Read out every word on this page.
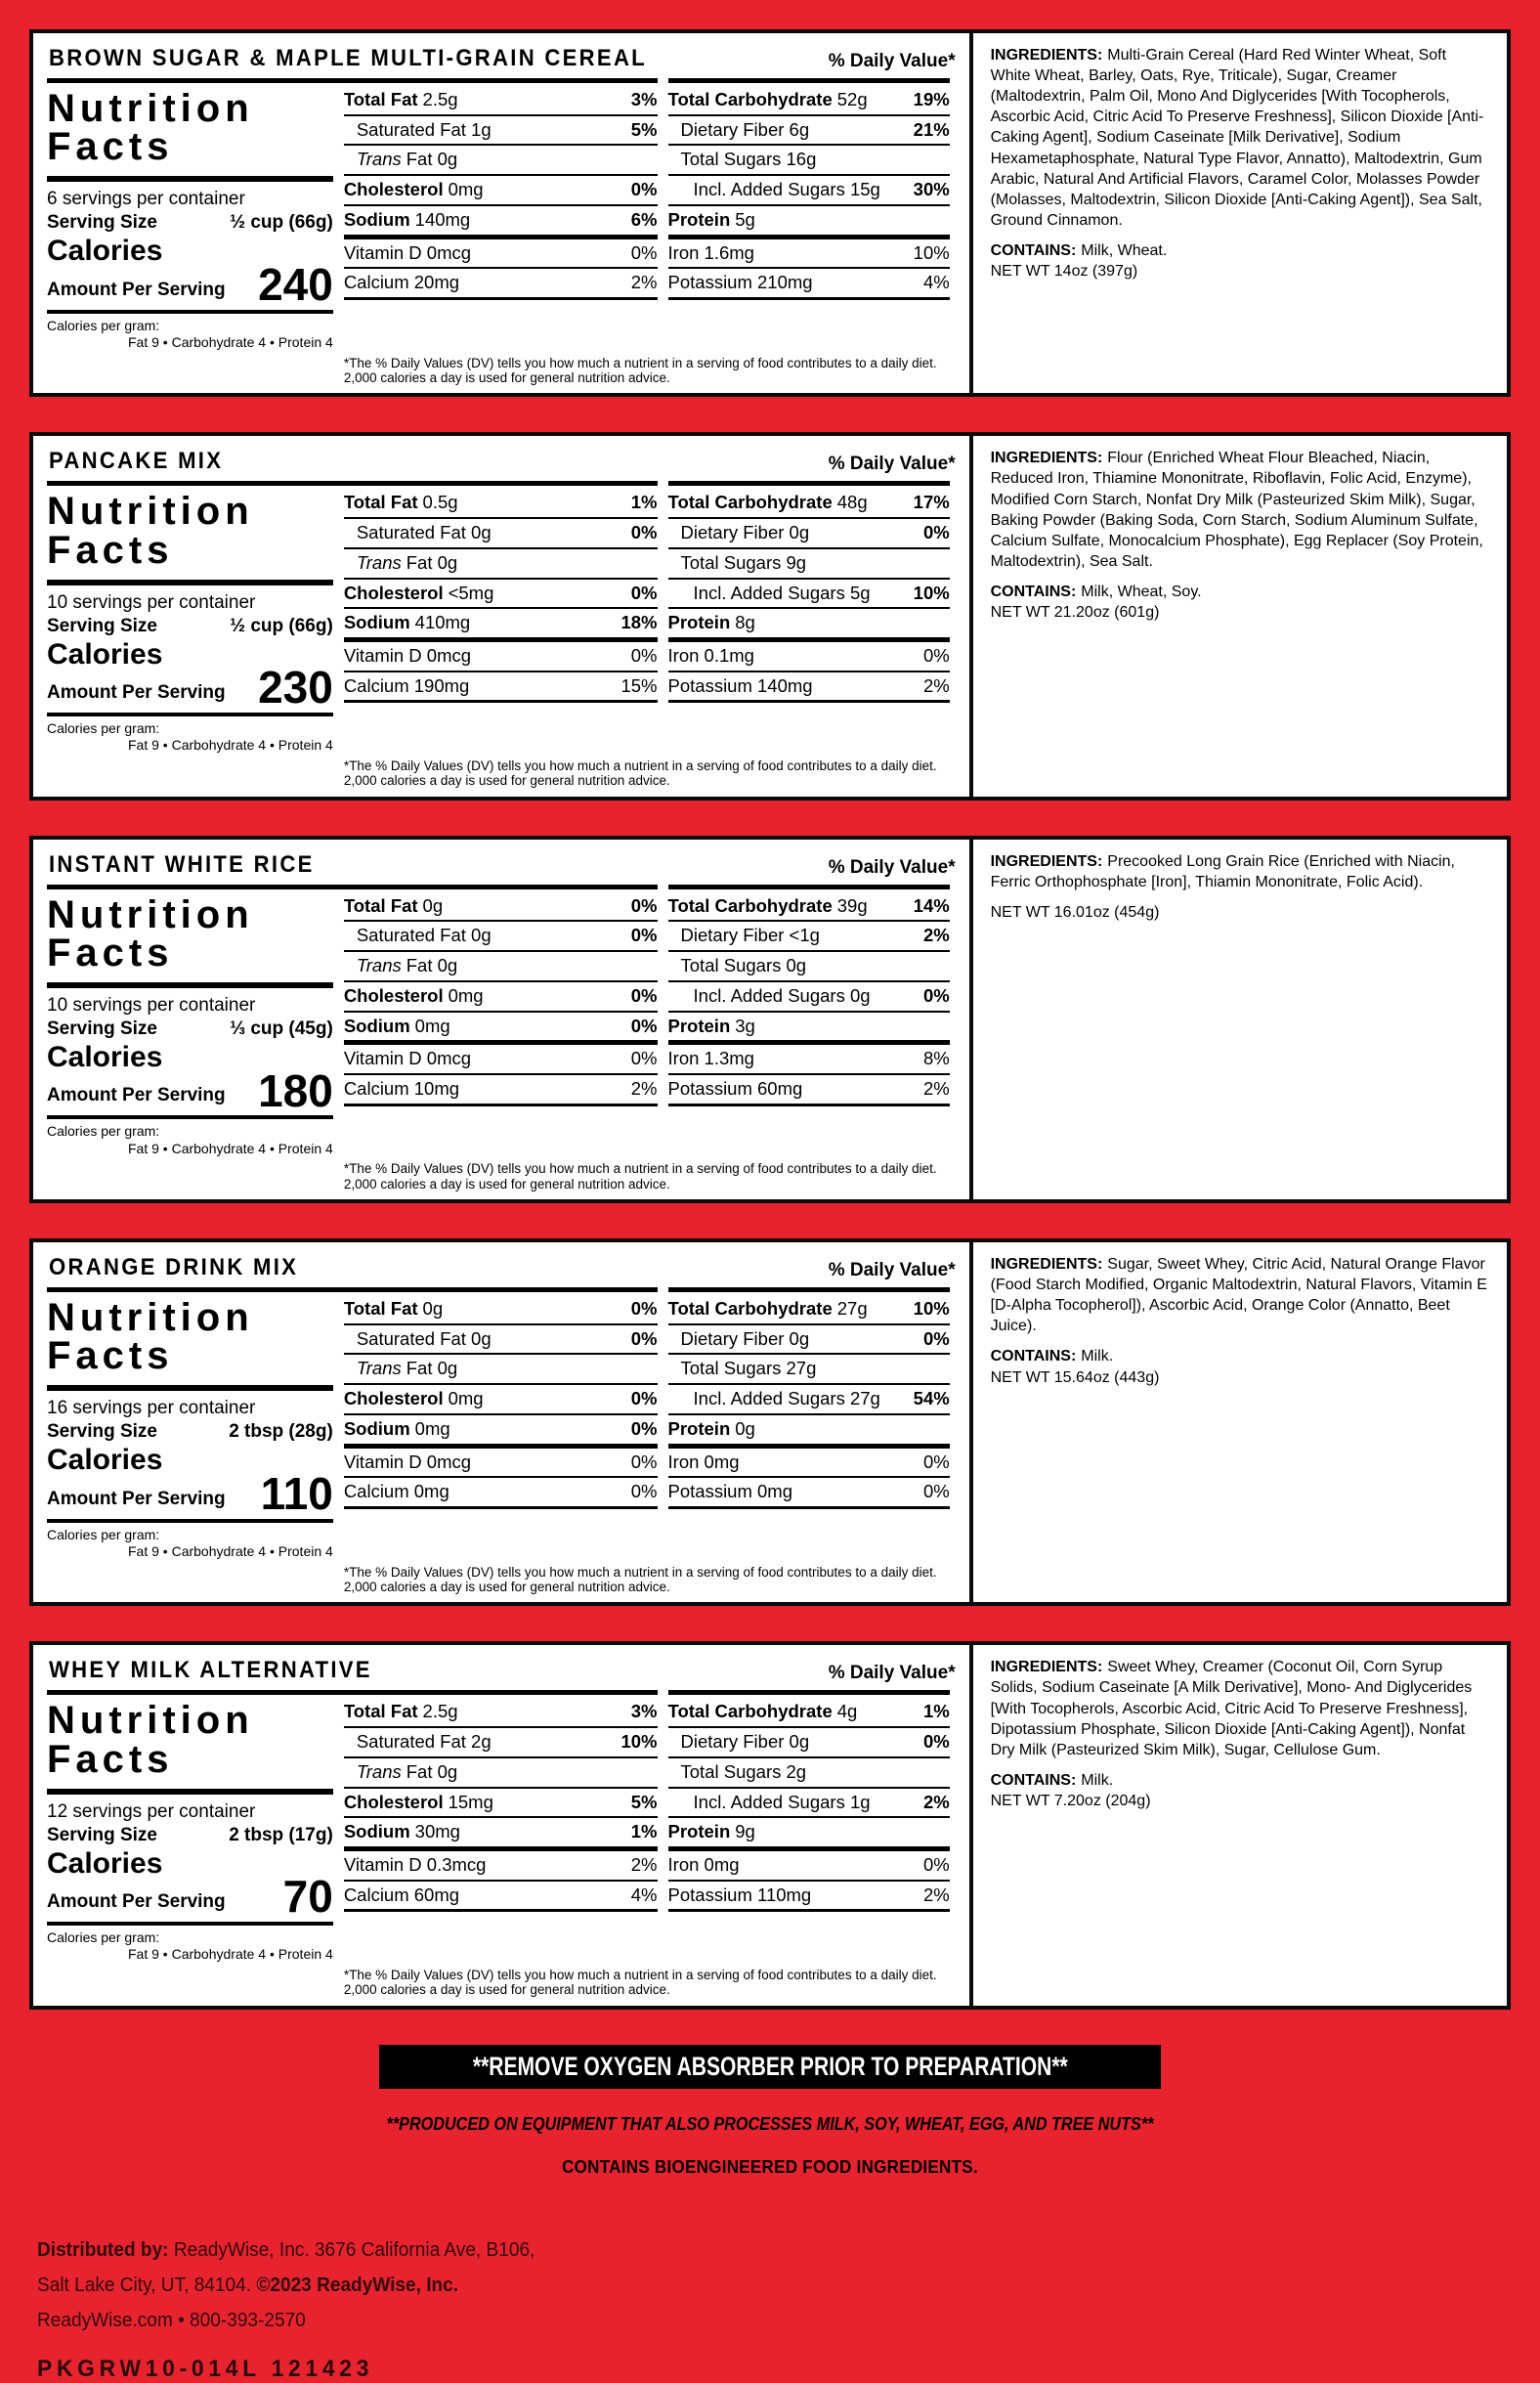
BROWN SUGAR & MAPLE MULTI-GRAIN CEREAL	% Daily Value*
Nutrition
Facts
6 servings per container
Serving Size	½ cup (66g)
Calories
Amount Per Serving 240
Calories per gram:
Fat 9 • Carbohydrate 4 • Protein 4
Total Fat 2.5g	3%
Saturated Fat 1g	5%
Trans Fat 0g
Cholesterol 0mg	0%
Sodium 140mg	6%
Vitamin D 0mcg	0%
Calcium 20mg	2%
Total Carbohydrate 52g	19%
Dietary Fiber 6g	21%
Total Sugars 16g
Incl. Added Sugars 15g 30%
Protein 5g
Iron 1.6mg	10%
Potassium 210mg	4%
*The % Daily Values (DV) tells you how much a nutrient in a serving of food contributes to a daily diet. 2,000 calories a day is used for general nutrition advice.

INGREDIENTS: Multi-Grain Cereal (Hard Red Winter Wheat, Soft White Wheat, Barley, Oats, Rye, Triticale), Sugar, Creamer (Maltodextrin, Palm Oil, Mono And Diglycerides [With Tocopherols, Ascorbic Acid, Citric Acid To Preserve Freshness], Silicon Dioxide [Anti-Caking Agent], Sodium Caseinate [Milk Derivative], Sodium Hexametaphosphate, Natural Type Flavor, Annatto), Maltodextrin, Gum Arabic, Natural And Artificial Flavors, Caramel Color, Molasses Powder (Molasses, Maltodextrin, Silicon Dioxide [Anti-Caking Agent]), Sea Salt, Ground Cinnamon.

CONTAINS: Milk, Wheat.

NET WT 14oz (397g)
PANCAKE MIX	% Daily Value*
Nutrition
Facts
10 servings per container
Serving Size	½ cup (66g)
Calories
Amount Per Serving 230
Calories per gram:
Fat 9 • Carbohydrate 4 • Protein 4
Total Fat 0.5g	1%
Saturated Fat 0g	0%
Trans Fat 0g
Cholesterol <5mg	0%
Sodium 410mg	18%
Vitamin D 0mcg	0%
Calcium 190mg	15%
Total Carbohydrate 48g	17%
Dietary Fiber 0g	0%
Total Sugars 9g
Incl. Added Sugars 5g 10%
Protein 8g
Iron 0.1mg	0%
Potassium 140mg	2%
*The % Daily Values (DV) tells you how much a nutrient in a serving of food contributes to a daily diet. 2,000 calories a day is used for general nutrition advice.

INGREDIENTS: Flour (Enriched Wheat Flour Bleached, Niacin, Reduced Iron, Thiamine Mononitrate, Riboflavin, Folic Acid, Enzyme), Modified Corn Starch, Nonfat Dry Milk (Pasteurized Skim Milk), Sugar, Baking Powder (Baking Soda, Corn Starch, Sodium Aluminum Sulfate, Calcium Sulfate, Monocalcium Phosphate), Egg Replacer (Soy Protein, Maltodextrin), Sea Salt.

CONTAINS: Milk, Wheat, Soy.

NET WT 21.20oz (601g)
INSTANT WHITE RICE	% Daily Value*
Nutrition
Facts
10 servings per container
Serving Size	⅓ cup (45g)
Calories
Amount Per Serving 180
Calories per gram:
Fat 9 • Carbohydrate 4 • Protein 4
Total Fat 0g	0%
Saturated Fat 0g	0%
Trans Fat 0g
Cholesterol 0mg	0%
Sodium 0mg	0%
Vitamin D 0mcg	0%
Calcium 10mg	2%
Total Carbohydrate 39g	14%
Dietary Fiber <1g	2%
Total Sugars 0g
Incl. Added Sugars 0g	0%
Protein 3g
Iron 1.3mg	8%
Potassium 60mg	2%
*The % Daily Values (DV) tells you how much a nutrient in a serving of food contributes to a daily diet. 2,000 calories a day is used for general nutrition advice.

INGREDIENTS: Precooked Long Grain Rice (Enriched with Niacin, Ferric Orthophosphate [Iron], Thiamin Mononitrate, Folic Acid).

NET WT 16.01oz (454g)
ORANGE DRINK MIX	% Daily Value*
Nutrition
Facts
16 servings per container
Serving Size	2 tbsp (28g)
Calories
Amount Per Serving 110
Calories per gram:
Fat 9 • Carbohydrate 4 • Protein 4
Total Fat 0g	0%
Saturated Fat 0g	0%
Trans Fat 0g
Cholesterol 0mg	0%
Sodium 0mg	0%
Vitamin D 0mcg	0%
Calcium 0mg	0%
Total Carbohydrate 27g	10%
Dietary Fiber 0g	0%
Total Sugars 27g
Incl. Added Sugars 27g 54%
Protein 0g
Iron 0mg	0%
Potassium 0mg	0%
*The % Daily Values (DV) tells you how much a nutrient in a serving of food contributes to a daily diet. 2,000 calories a day is used for general nutrition advice.

INGREDIENTS: Sugar, Sweet Whey, Citric Acid, Natural Orange Flavor (Food Starch Modified, Organic Maltodextrin, Natural Flavors, Vitamin E [D-Alpha Tocopherol]), Ascorbic Acid, Orange Color (Annatto, Beet Juice).

CONTAINS: Milk.

NET WT 15.64oz (443g)
WHEY MILK ALTERNATIVE	% Daily Value*
Nutrition
Facts
12 servings per container
Serving Size	2 tbsp (17g)
Calories
Amount Per Serving 70
Calories per gram:
Fat 9 • Carbohydrate 4 • Protein 4
Total Fat 2.5g	3%
Saturated Fat 2g	10%
Trans Fat 0g
Cholesterol 15mg	5%
Sodium 30mg	1%
Vitamin D 0.3mcg	2%
Calcium 60mg	4%
Total Carbohydrate 4g	1%
Dietary Fiber 0g	0%
Total Sugars 2g
Incl. Added Sugars 1g	2%
Protein 9g
Iron 0mg	0%
Potassium 110mg	2%
*The % Daily Values (DV) tells you how much a nutrient in a serving of food contributes to a daily diet. 2,000 calories a day is used for general nutrition advice.

INGREDIENTS: Sweet Whey, Creamer (Coconut Oil, Corn Syrup Solids, Sodium Caseinate [A Milk Derivative], Mono- And Diglycerides [With Tocopherols, Ascorbic Acid, Citric Acid To Preserve Freshness], Dipotassium Phosphate, Silicon Dioxide [Anti-Caking Agent]), Nonfat Dry Milk (Pasteurized Skim Milk), Sugar, Cellulose Gum.

CONTAINS: Milk.

NET WT 7.20oz (204g)
**REMOVE OXYGEN ABSORBER PRIOR TO PREPARATION**
**PRODUCED ON EQUIPMENT THAT ALSO PROCESSES MILK, SOY, WHEAT, EGG, AND TREE NUTS**
CONTAINS BIOENGINEERED FOOD INGREDIENTS.
Distributed by: ReadyWise, Inc. 3676 California Ave, B106,
Salt Lake City, UT, 84104. ©2023 ReadyWise, Inc.
ReadyWise.com • 800-393-2570
PKGRW10-014L 121423
